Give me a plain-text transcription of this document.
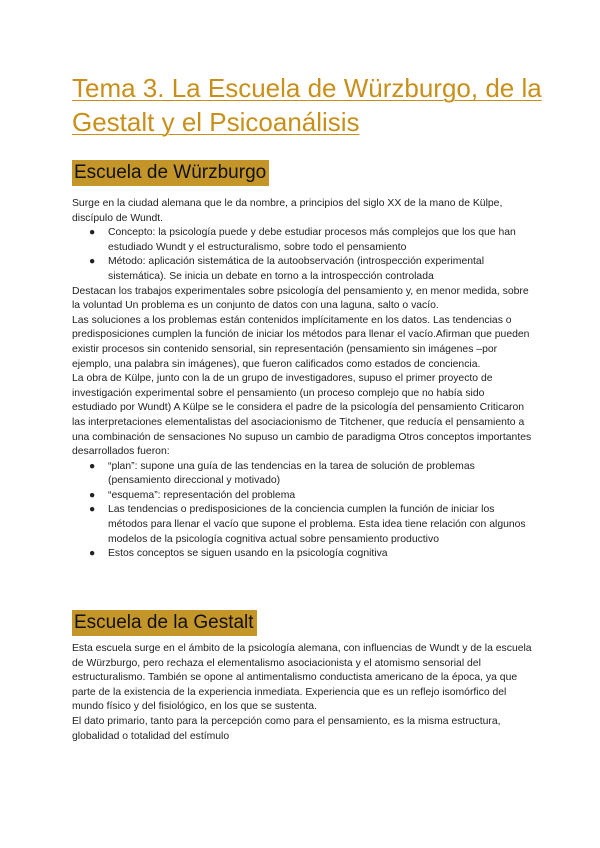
Tema 3. La Escuela de Würzburgo, de la Gestalt y el Psicoanálisis
Escuela de Würzburgo

Surge en la ciudad alemana que le da nombre, a principios del siglo XX de la mano de Külpe, discípulo de Wundt.

● Concepto: la psicología puede y debe estudiar procesos más complejos que los que han estudiado Wundt y el estructuralismo, sobre todo el pensamiento
● Método: aplicación sistemática de la autoobservación (introspección experimental sistemática). Se inicia un debate en torno a la introspección controlada

Destacan los trabajos experimentales sobre psicología del pensamiento y, en menor medida, sobre la voluntad Un problema es un conjunto de datos con una laguna, salto o vacío.

Las soluciones a los problemas están contenidos implícitamente en los datos. Las tendencias o predisposiciones cumplen la función de iniciar los métodos para llenar el vacío.Afirman que pueden existir procesos sin contenido sensorial, sin representación (pensamiento sin imágenes –por ejemplo, una palabra sin imágenes), que fueron calificados como estados de conciencia.

La obra de Külpe, junto con la de un grupo de investigadores, supuso el primer proyecto de investigación experimental sobre el pensamiento (un proceso complejo que no había sido estudiado por Wundt) A Külpe se le considera el padre de la psicología del pensamiento Criticaron las interpretaciones elementalistas del asociacionismo de Titchener, que reducía el pensamiento a una combinación de sensaciones No supuso un cambio de paradigma Otros conceptos importantes desarrollados fueron:

● “plan”: supone una guía de las tendencias en la tarea de solución de problemas (pensamiento direccional y motivado)
● “esquema”: representación del problema
● Las tendencias o predisposiciones de la conciencia cumplen la función de iniciar los métodos para llenar el vacío que supone el problema. Esta idea tiene relación con algunos modelos de la psicología cognitiva actual sobre pensamiento productivo
● Estos conceptos se siguen usando en la psicología cognitiva
Escuela de la Gestalt

Esta escuela surge en el ámbito de la psicología alemana, con influencias de Wundt y de la escuela de Würzburgo, pero rechaza el elementalismo asociacionista y el atomismo sensorial del estructuralismo. También se opone al antimentalismo conductista americano de la época, ya que parte de la existencia de la experiencia inmediata. Experiencia que es un reflejo isomórfico del mundo físico y del fisiológico, en los que se sustenta.

El dato primario, tanto para la percepción como para el pensamiento, es la misma estructura, globalidad o totalidad del estímulo
